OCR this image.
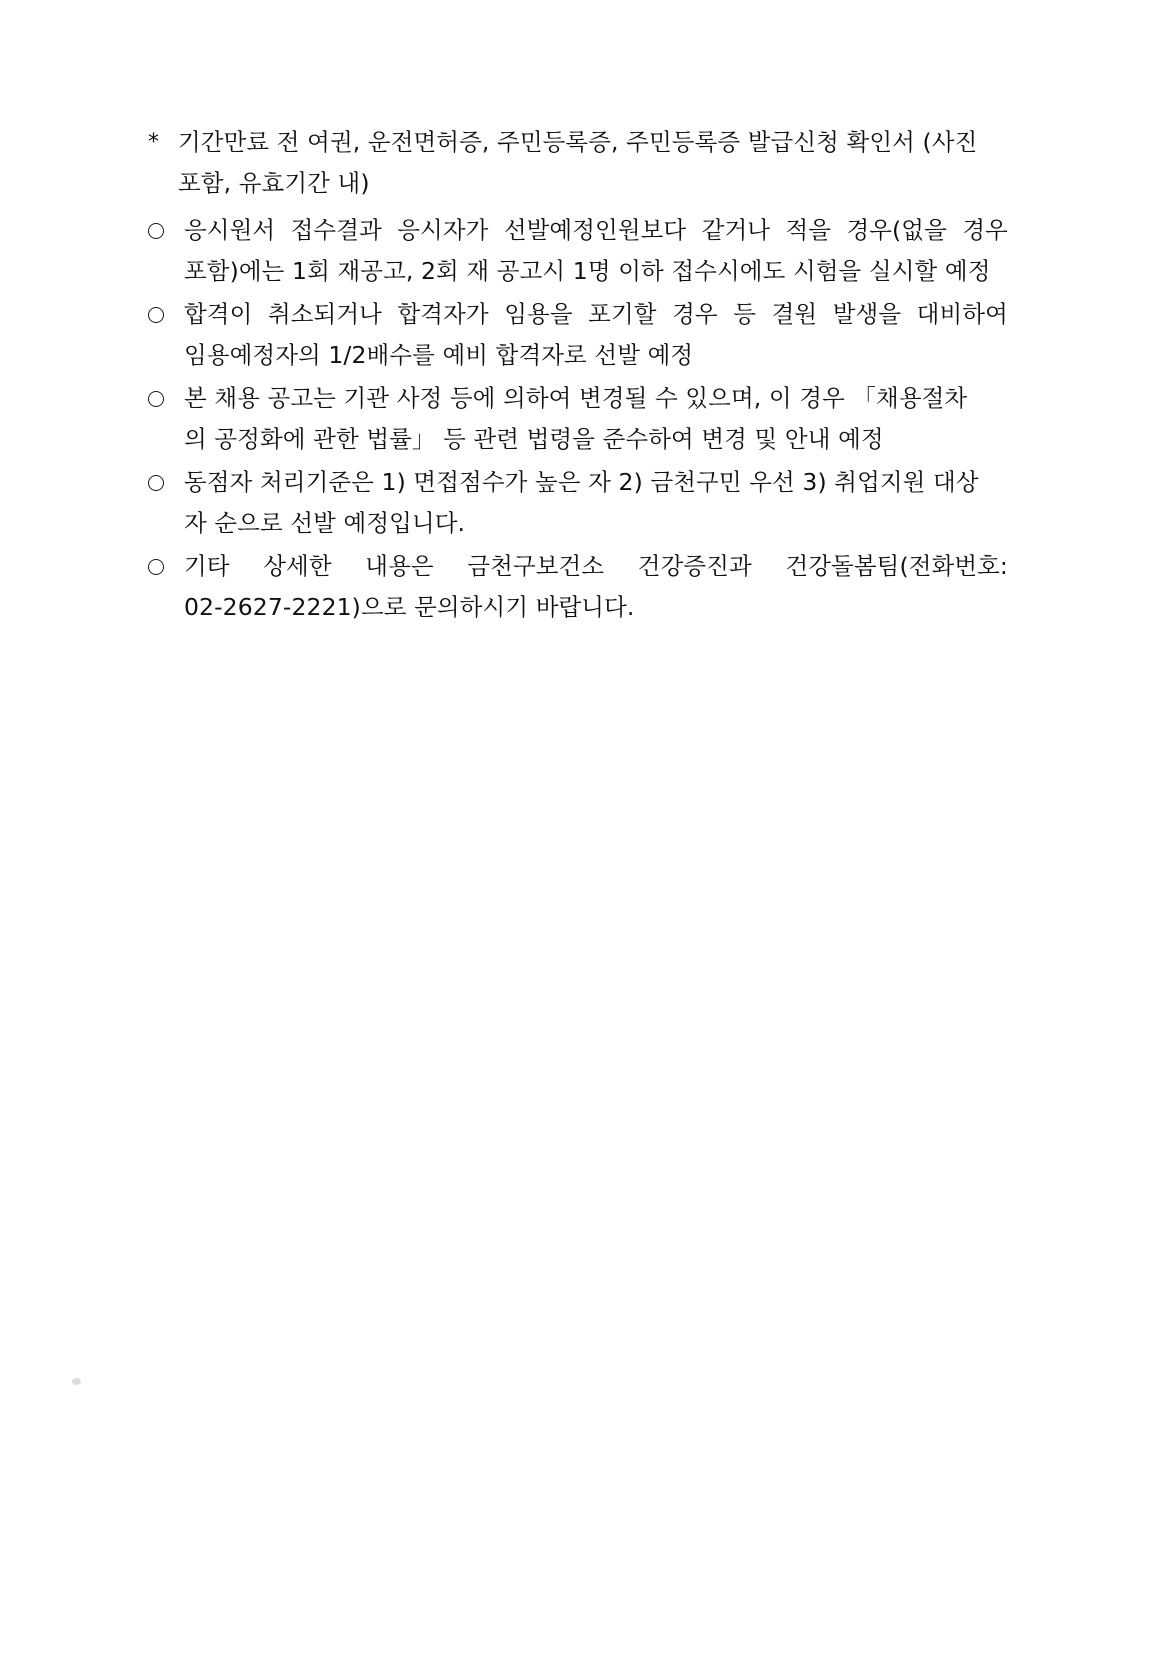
* 기간만료 전 여권, 운전면허증, 주민등록증, 주민등록증 발급신청 확인서 (사진
포함, 유효기간 내)
응시원서 접수결과 응시자가 선발예정인원보다 같거나 적을 경우(없을 경우
포함)에는 1회 재공고, 2회 재 공고시 1명 이하 접수시에도 시험을 실시할 예정
합격이 취소되거나 합격자가 임용을 포기할 경우 등 결원 발생을 대비하여
임용예정자의 1/2배수를 예비 합격자로 선발 예정
본 채용 공고는 기관 사정 등에 의하여 변경될 수 있으며, 이 경우 「채용절차
의 공정화에 관한 법률」 등 관련 법령을 준수하여 변경 및 안내 예정
동점자 처리기준은 1) 면접점수가 높은 자 2) 금천구민 우선 3) 취업지원 대상
자 순으로 선발 예정입니다.
기타 상세한 내용은 금천구보건소 건강증진과 건강돌봄팀(전화번호:
02-2627-2221)으로 문의하시기 바랍니다.
